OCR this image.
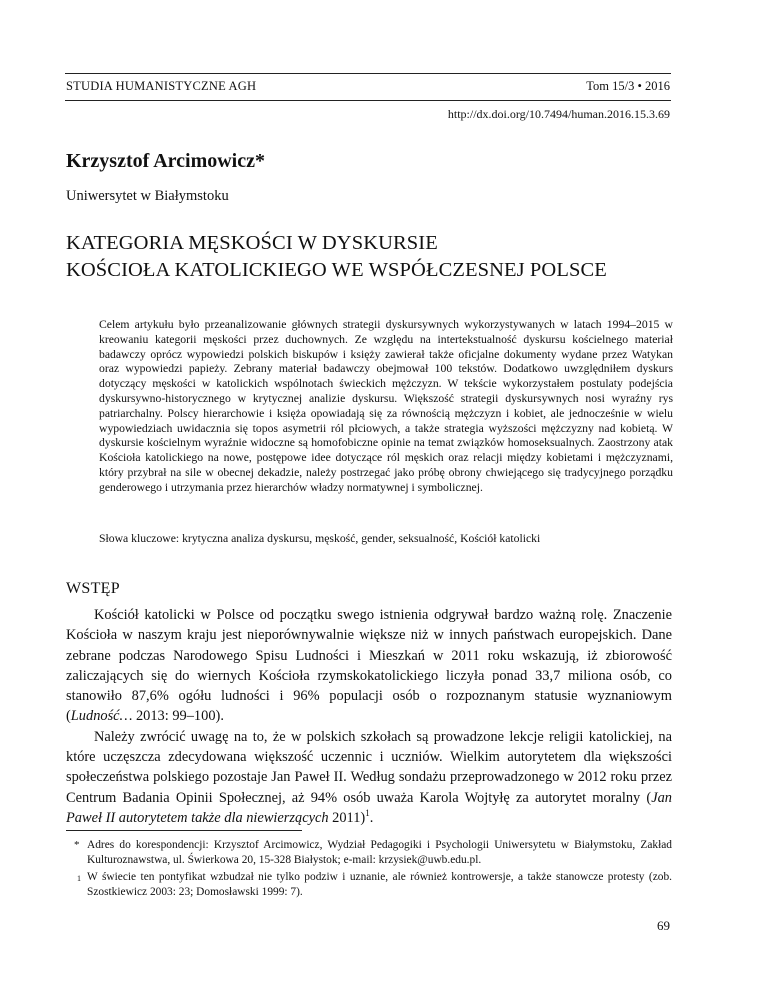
STUDIA HUMANISTYCZNE AGH	Tom 15/3 • 2016
http://dx.doi.org/10.7494/human.2016.15.3.69
Krzysztof Arcimowicz*
Uniwersytet w Białymstoku
KATEGORIA MĘSKOŚCI W DYSKURSIE
KOŚCIOŁA KATOLICKIEGO WE WSPÓŁCZESNEJ POLSCE
Celem artykułu było przeanalizowanie głównych strategii dyskursywnych wykorzystywanych w latach 1994–2015 w kreowaniu kategorii męskości przez duchownych. Ze względu na intertekstualność dyskursu kościelnego materiał badawczy oprócz wypowiedzi polskich biskupów i księży zawierał także oficjalne dokumenty wydane przez Watykan oraz wypowiedzi papieży. Zebrany materiał badawczy obejmował 100 tekstów. Dodatkowo uwzględniłem dyskurs dotyczący męskości w katolickich wspólnotach świeckich mężczyzn. W tekście wykorzystałem postulaty podejścia dyskursywno-historycznego w krytycznej analizie dyskursu. Większość strategii dyskursywnych nosi wyraźny rys patriarchalny. Polscy hierarchowie i księża opowiadają się za równością mężczyzn i kobiet, ale jednocześnie w wielu wypowiedziach uwidacznia się topos asymetrii ról płciowych, a także strategia wyższości mężczyzny nad kobietą. W dyskursie kościelnym wyraźnie widoczne są homofobiczne opinie na temat związków homoseksualnych. Zaostrzony atak Kościoła katolickiego na nowe, postępowe idee dotyczące ról męskich oraz relacji między kobietami i mężczyznami, który przybrał na sile w obecnej dekadzie, należy postrzegać jako próbę obrony chwiejącego się tradycyjnego porządku genderowego i utrzymania przez hierarchów władzy normatywnej i symbolicznej.
Słowa kluczowe: krytyczna analiza dyskursu, męskość, gender, seksualność, Kościół katolicki
WSTĘP

Kościół katolicki w Polsce od początku swego istnienia odgrywał bardzo ważną rolę. Znaczenie Kościoła w naszym kraju jest nieporównywalnie większe niż w innych państwach europejskich. Dane zebrane podczas Narodowego Spisu Ludności i Mieszkań w 2011 roku wskazują, iż zbiorowość zaliczających się do wiernych Kościoła rzymskokatolickiego liczyła ponad 33,7 miliona osób, co stanowiło 87,6% ogółu ludności i 96% populacji osób o rozpoznanym statusie wyznaniowym (Ludność… 2013: 99–100).

Należy zwrócić uwagę na to, że w polskich szkołach są prowadzone lekcje religii katolickiej, na które uczęszcza zdecydowana większość uczennic i uczniów. Wielkim autorytetem dla większości społeczeństwa polskiego pozostaje Jan Paweł II. Według sondażu przeprowadzonego w 2012 roku przez Centrum Badania Opinii Społecznej, aż 94% osób uważa Karola Wojtyłę za autorytet moralny (Jan Paweł II autorytetem także dla niewierzących 2011)$^1$.

* Adres do korespondencji: Krzysztof Arcimowicz, Wydział Pedagogiki i Psychologii Uniwersytetu w Białymstoku, Zakład Kulturoznawstwa, ul. Świerkowa 20, 15-328 Białystok; e-mail: krzysiek@uwb.edu.pl.
1 W świecie ten pontyfikat wzbudzał nie tylko podziw i uznanie, ale również kontrowersje, a także stanowcze protesty (zob. Szostkiewicz 2003: 23; Domosławski 1999: 7).
69
